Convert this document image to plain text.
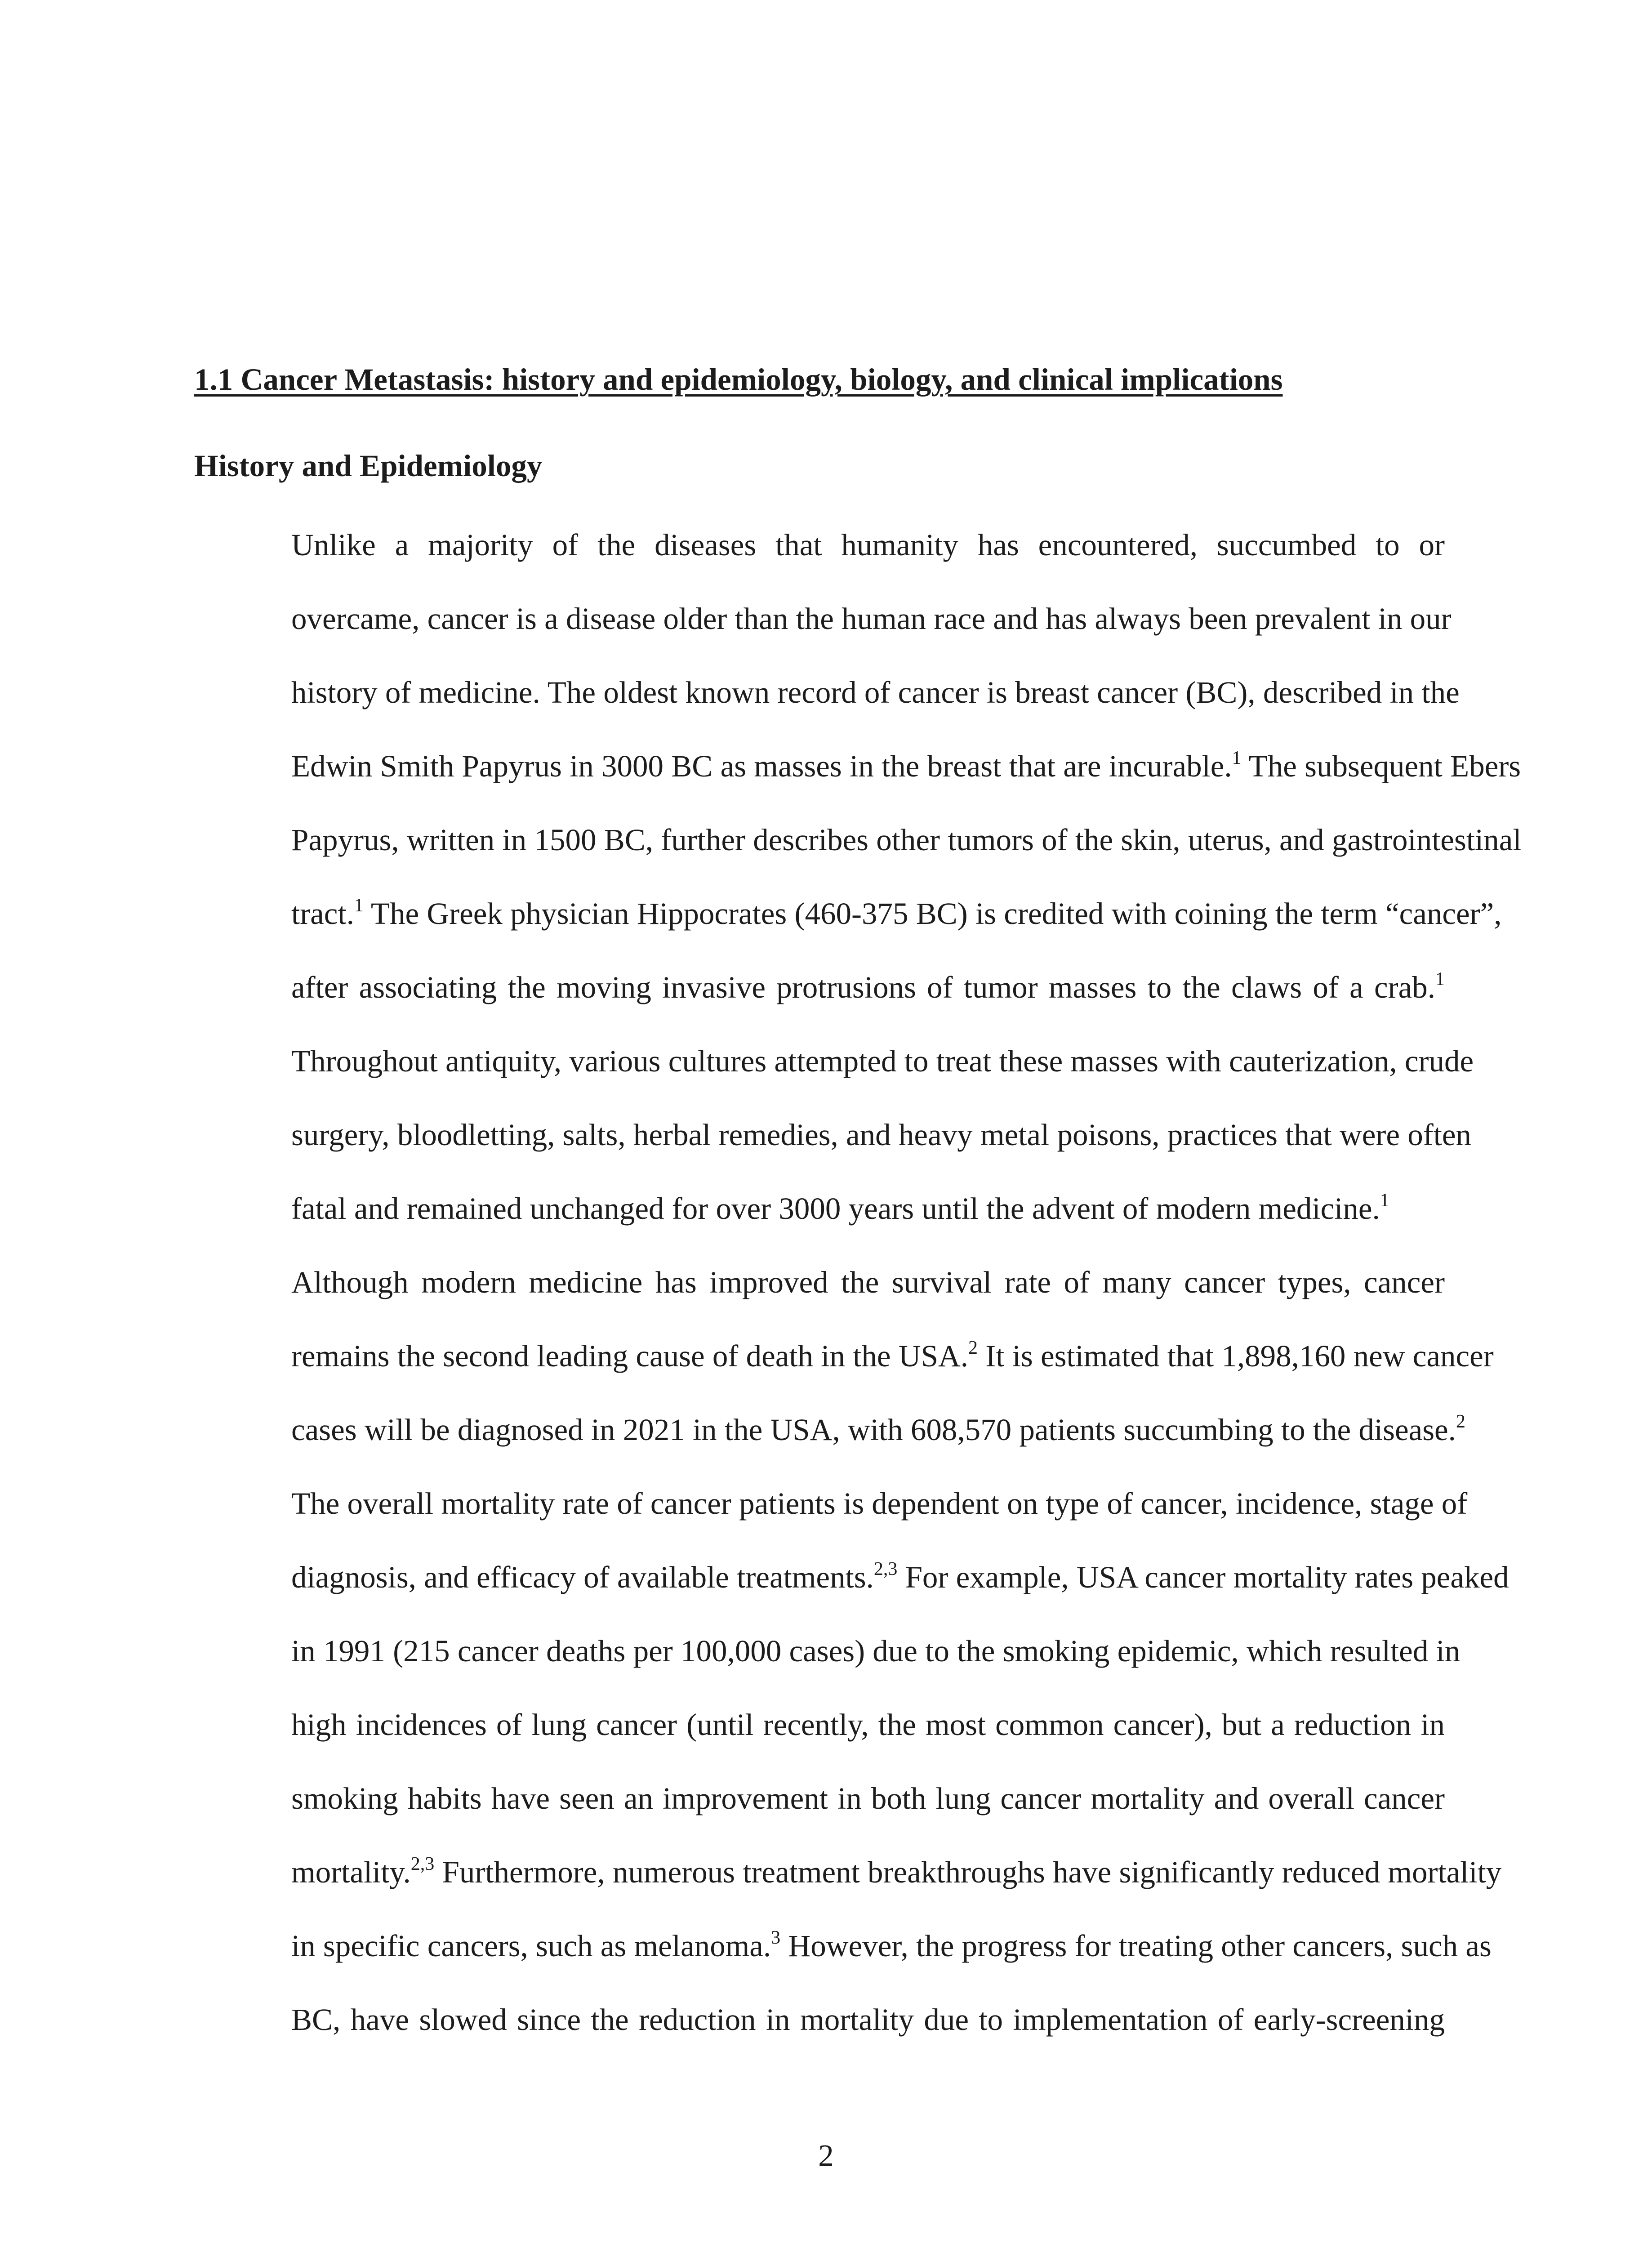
1.1 Cancer Metastasis: history and epidemiology, biology, and clinical implications
History and Epidemiology

Unlike a majority of the diseases that humanity has encountered, succumbed to or
overcame, cancer is a disease older than the human race and has always been prevalent in our
history of medicine. The oldest known record of cancer is breast cancer (BC), described in the
Edwin Smith Papyrus in 3000 BC as masses in the breast that are incurable.$^1$ The subsequent Ebers
Papyrus, written in 1500 BC, further describes other tumors of the skin, uterus, and gastrointestinal
tract.$^1$ The Greek physician Hippocrates (460-375 BC) is credited with coining the term “cancer”,
after associating the moving invasive protrusions of tumor masses to the claws of a crab.$^1$
Throughout antiquity, various cultures attempted to treat these masses with cauterization, crude
surgery, bloodletting, salts, herbal remedies, and heavy metal poisons, practices that were often
fatal and remained unchanged for over 3000 years until the advent of modern medicine.$^1$

Although modern medicine has improved the survival rate of many cancer types, cancer
remains the second leading cause of death in the USA.$^2$ It is estimated that 1,898,160 new cancer
cases will be diagnosed in 2021 in the USA, with 608,570 patients succumbing to the disease.$^2$
The overall mortality rate of cancer patients is dependent on type of cancer, incidence, stage of
diagnosis, and efficacy of available treatments.$^{2,3}$ For example, USA cancer mortality rates peaked
in 1991 (215 cancer deaths per 100,000 cases) due to the smoking epidemic, which resulted in
high incidences of lung cancer (until recently, the most common cancer), but a reduction in
smoking habits have seen an improvement in both lung cancer mortality and overall cancer
mortality.$^{2,3}$ Furthermore, numerous treatment breakthroughs have significantly reduced mortality
in specific cancers, such as melanoma.$^3$ However, the progress for treating other cancers, such as
BC, have slowed since the reduction in mortality due to implementation of early-screening

2
